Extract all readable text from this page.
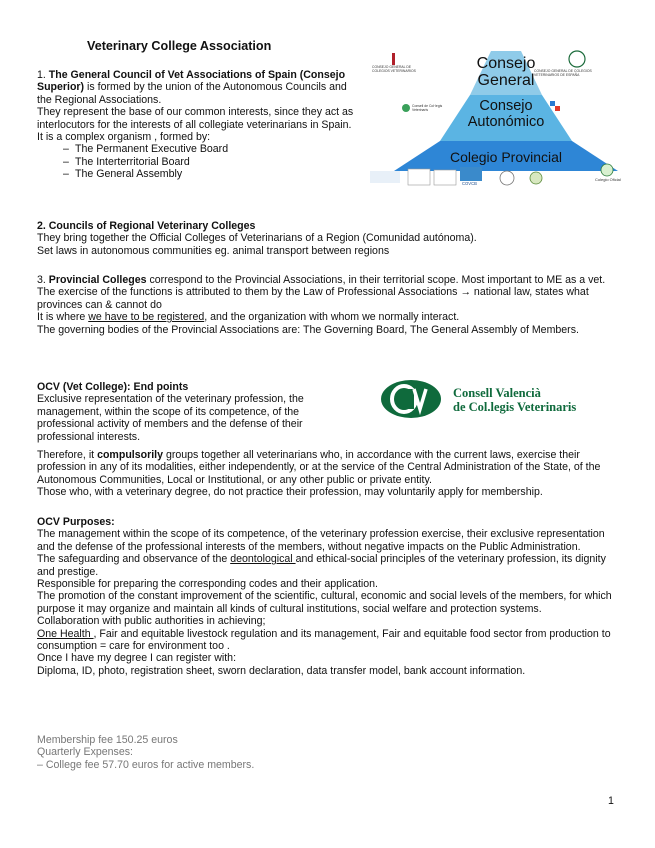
Veterinary College Association

1. The General Council of Vet Associations of Spain (Consejo Superior) is formed by the union of the Autonomous Councils and the Regional Associations.

They represent the base of our common interests, since they act as interlocutors for the interests of all collegiate veterinarians in Spain.

It is a complex organism , formed by:

– The Permanent Executive Board
– The Interterritorial Board
– The General Assembly
Consejo
General
Consejo
Autonómico
Colegio Provincial
CONSEJO GENERAL DE COLEGIOS VETERINARIOS	CONSEJO GENERAL DE COLEGIOS VETERINARIOS DE ESPAÑA
Consell de Col·legis Veterinaris
COVCB
Colegio Oficial

2. Councils of Regional Veterinary Colleges

They bring together the Official Colleges of Veterinarians of a Region (Comunidad autónoma).

Set laws in autonomous communities eg. animal transport between regions

3. Provincial Colleges correspond to the Provincial Associations, in their territorial scope. Most important to ME as a vet.

The exercise of the functions is attributed to them by the Law of Professional Associations → national law, states what provinces can & cannot do

It is where we have to be registered, and the organization with whom we normally interact.

The governing bodies of the Provincial Associations are: The Governing Board, The General Assembly of Members.

OCV (Vet College): End points

Exclusive representation of the veterinary profession, the management, within the scope of its competence, of the professional activity of members and the defense of their professional interests.

Therefore, it compulsorily groups together all veterinarians who, in accordance with the current laws, exercise their profession in any of its modalities, either independently, or at the service of the Central Administration of the State, of the Autonomous Communities, Local or Institutional, or any other public or private entity.

Those who, with a veterinary degree, do not practice their profession, may voluntarily apply for membership.

Consell Valencià
de Col.legis Veterinaris

OCV Purposes:

The management within the scope of its competence, of the veterinary profession exercise, their exclusive representation and the defense of the professional interests of the members, without negative impacts on the Public Administration.

The safeguarding and observance of the deontological and ethical-social principles of the veterinary profession, its dignity and prestige.

Responsible for preparing the corresponding codes and their application.

The promotion of the constant improvement of the scientific, cultural, economic and social levels of the members, for which purpose it may organize and maintain all kinds of cultural institutions, social welfare and protection systems.

Collaboration with public authorities in achieving;

One Health , Fair and equitable livestock regulation and its management, Fair and equitable food sector from production to consumption = care for environment too .

Once I have my degree I can register with:

Diploma, ID, photo, registration sheet, sworn declaration, data transfer model, bank account information.

Membership fee 150.25 euros

Quarterly Expenses:

– College fee 57.70 euros for active members.

1
